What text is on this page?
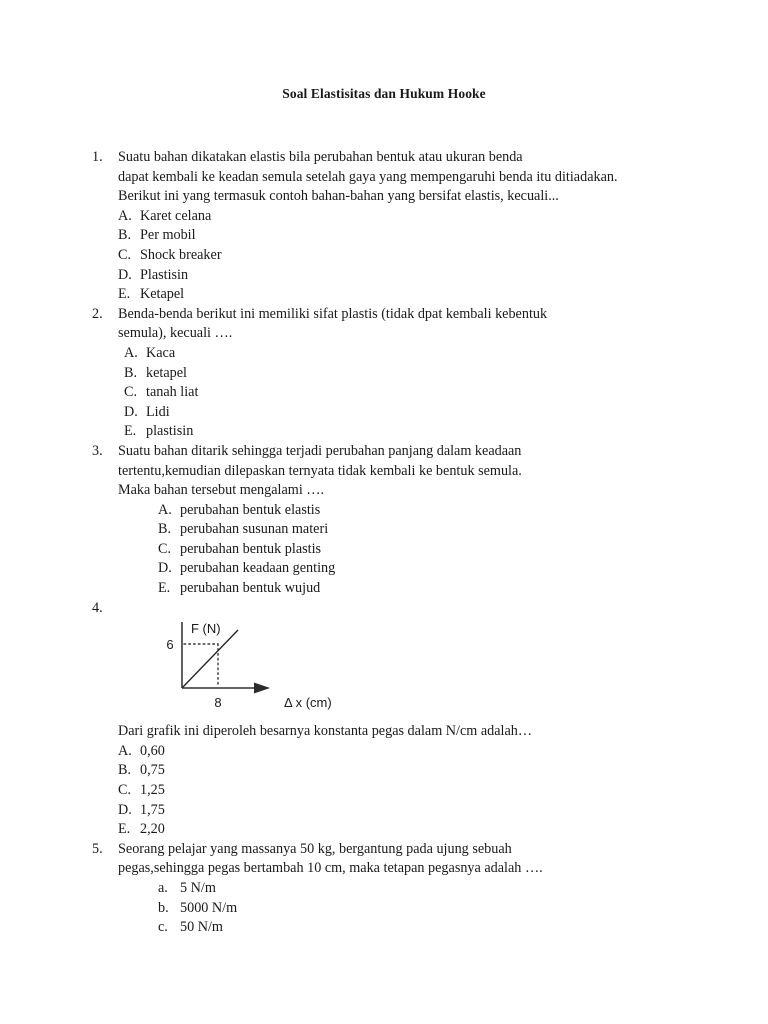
Soal Elastisitas dan Hukum Hooke
1.	Suatu bahan dikatakan elastis bila perubahan bentuk atau ukuran benda
dapat kembali ke keadan semula setelah gaya yang mempengaruhi benda itu ditiadakan.
Berikut ini yang termasuk contoh bahan-bahan yang bersifat elastis, kecuali...
A. Karet celana
B. Per mobil
C. Shock breaker
D. Plastisin
E. Ketapel
2.	Benda-benda berikut ini memiliki sifat plastis (tidak dpat kembali kebentuk
semula), kecuali ….
A. Kaca
B. ketapel
C. tanah liat
D. Lidi
E. plastisin
3.	Suatu bahan ditarik sehingga terjadi perubahan panjang dalam keadaan
tertentu,kemudian dilepaskan ternyata tidak kembali ke bentuk semula.
Maka bahan tersebut mengalami ….
A. perubahan bentuk elastis
B. perubahan susunan materi
C. perubahan bentuk plastis
D. perubahan keadaan genting
E. perubahan bentuk wujud
4.
F (N)
6
8	Δ x (cm)
Dari grafik ini diperoleh besarnya konstanta pegas dalam N/cm adalah…
A. 0,60
B. 0,75
C. 1,25
D. 1,75
E. 2,20
5.	Seorang pelajar yang massanya 50 kg, bergantung pada ujung sebuah
pegas,sehingga pegas bertambah 10 cm, maka tetapan pegasnya adalah ….
a. 5 N/m
b. 5000 N/m
c. 50 N/m
